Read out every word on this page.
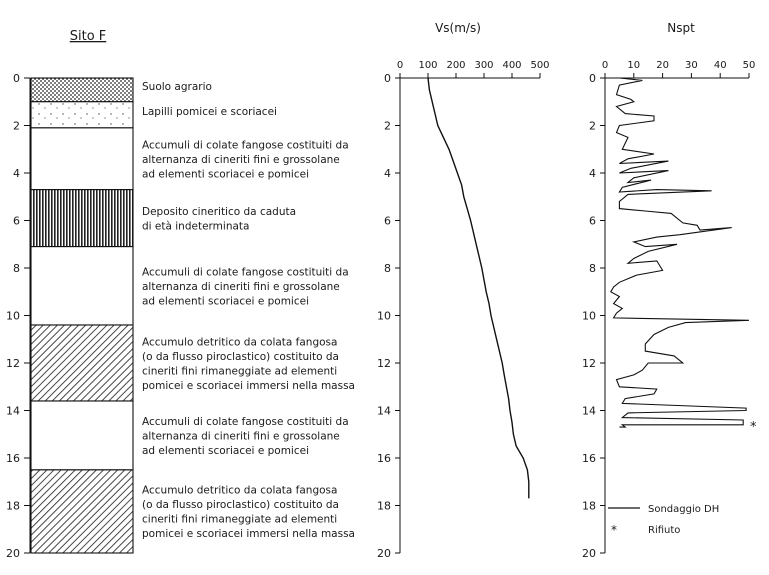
Sito F
0
2
4
6
8
10
12
14
16
18
20
Suolo agrario
Lapilli pomicei e scoriacei
Accumuli di colate fangose costituiti da
alternanza di cineriti fini e grossolane
ad elementi scoriacei e pomicei
Deposito cineritico da caduta
di età indeterminata
Accumuli di colate fangose costituiti da
alternanza di cineriti fini e grossolane
ad elementi scoriacei e pomicei
Accumulo detritico da colata fangosa
(o da flusso piroclastico) costituito da
cineriti fini rimaneggiate ad elementi
pomicei e scoriacei immersi nella massa
Accumuli di colate fangose costituiti da
alternanza di cineriti fini e grossolane
ad elementi scoriacei e pomicei
Accumulo detritico da colata fangosa
(o da flusso piroclastico) costituito da
cineriti fini rimaneggiate ad elementi
pomicei e scoriacei immersi nella massa
Vs(m/s)
0 100 200 300 400 500
0
2
4
6
8
10
12
14
16
18
20
Nspt
0 10 20 30 40 50
0
2
4
6
8
10
12
14
16
18
20
*
Sondaggio DH
*	Rifiuto
